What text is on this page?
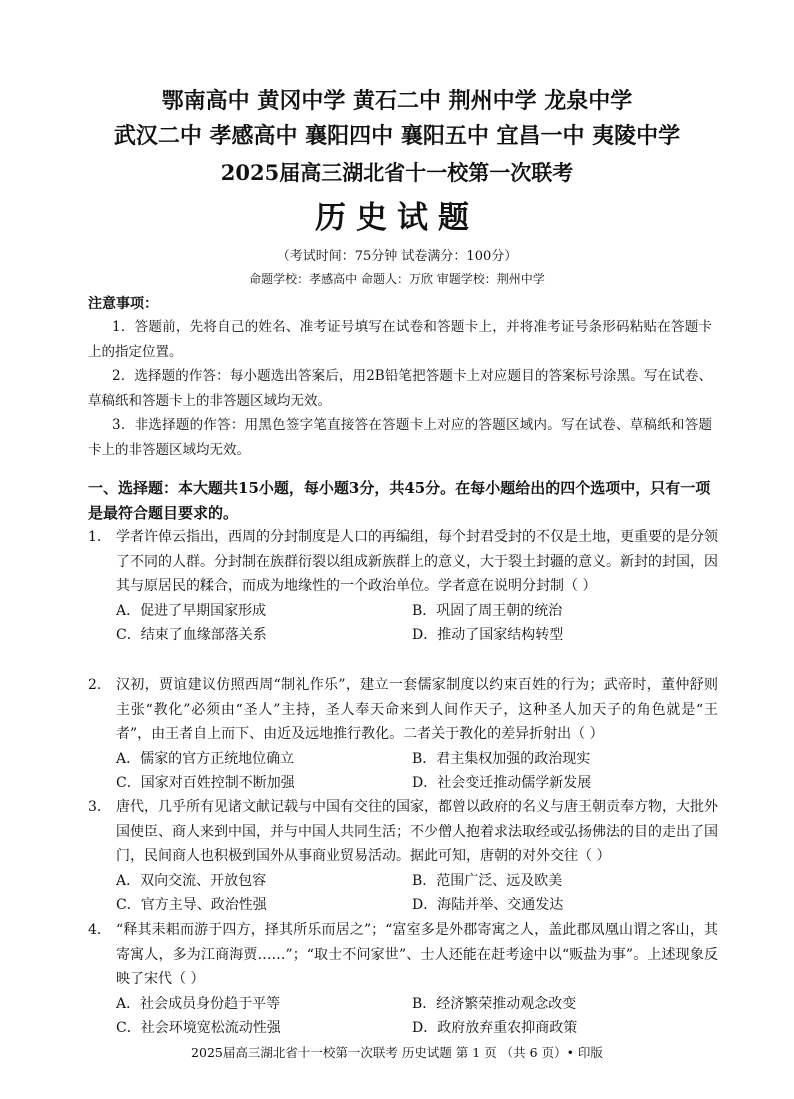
鄂南高中 黄冈中学 黄石二中 荆州中学 龙泉中学
武汉二中 孝感高中 襄阳四中 襄阳五中 宜昌一中 夷陵中学
2025届高三湖北省十一校第一次联考
历史试题
（考试时间：75分钟 试卷满分：100分）
命题学校：孝感高中 命题人：万欣 审题学校：荆州中学
注意事项：
1．答题前，先将自己的姓名、准考证号填写在试卷和答题卡上，并将准考证号条形码粘贴在答题卡上的指定位置。
2．选择题的作答：每小题选出答案后，用2B铅笔把答题卡上对应题目的答案标号涂黑。写在试卷、草稿纸和答题卡上的非答题区域均无效。
3．非选择题的作答：用黑色签字笔直接答在答题卡上对应的答题区域内。写在试卷、草稿纸和答题卡上的非答题区域均无效。
一、选择题：本大题共15小题，每小题3分，共45分。在每小题给出的四个选项中，只有一项是最符合题目要求的。
1. 学者许倬云指出，西周的分封制度是人口的再编组，每个封君受封的不仅是土地，更重要的是分领了不同的人群。分封制在族群衍裂以组成新族群上的意义，大于裂土封疆的意义。新封的封国，因其与原居民的糅合，而成为地缘性的一个政治单位。学者意在说明分封制（ ）
A．促进了早期国家形成	B．巩固了周王朝的统治
C．结束了血缘部落关系	D．推动了国家结构转型
2. 汉初，贾谊建议仿照西周“制礼作乐”，建立一套儒家制度以约束百姓的行为；武帝时，董仲舒则主张“教化”必须由“圣人”主持，圣人奉天命来到人间作天子，这种圣人加天子的角色就是“王者”，由王者自上而下、由近及远地推行教化。二者关于教化的差异折射出（ ）
A．儒家的官方正统地位确立	B．君主集权加强的政治现实
C．国家对百姓控制不断加强	D．社会变迁推动儒学新发展
3. 唐代，几乎所有见诸文献记载与中国有交往的国家，都曾以政府的名义与唐王朝贡奉方物，大批外国使臣、商人来到中国，并与中国人共同生活；不少僧人抱着求法取经或弘扬佛法的目的走出了国门，民间商人也积极到国外从事商业贸易活动。据此可知，唐朝的对外交往（ ）
A．双向交流、开放包容	B．范围广泛、远及欧美
C．官方主导、政治性强	D．海陆并举、交通发达
4. “释其耒耜而游于四方，择其所乐而居之”；“富室多是外郡寄寓之人，盖此郡凤凰山谓之客山，其寄寓人，多为江商海贾……”；“取士不问家世”、士人还能在赶考途中以“贩盐为事”。上述现象反映了宋代（ ）
A．社会成员身份趋于平等	B．经济繁荣推动观念改变
C．社会环境宽松流动性强	D．政府放弃重农抑商政策
2025届高三湖北省十一校第一次联考 历史试题 第 1 页 （共 6 页）• 印版
